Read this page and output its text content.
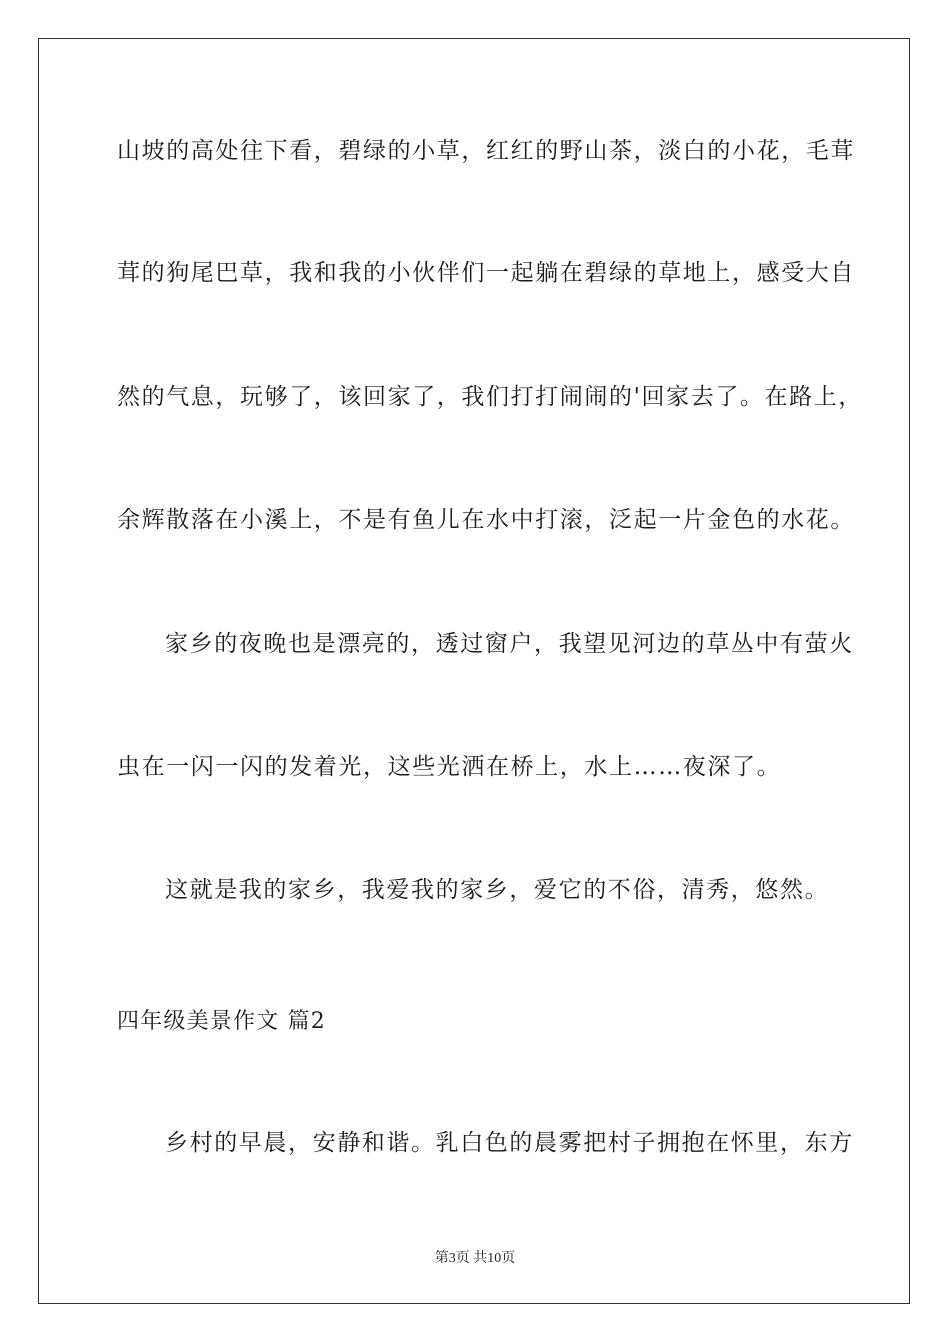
山坡的高处往下看，碧绿的小草，红红的野山茶，淡白的小花，毛茸
茸的狗尾巴草，我和我的小伙伴们一起躺在碧绿的草地上，感受大自
然的气息，玩够了，该回家了，我们打打闹闹的'回家去了。在路上，
余辉散落在小溪上，不是有鱼儿在水中打滚，泛起一片金色的水花。
家乡的夜晚也是漂亮的，透过窗户，我望见河边的草丛中有萤火
虫在一闪一闪的发着光，这些光洒在桥上，水上……夜深了。
这就是我的家乡，我爱我的家乡，爱它的不俗，清秀，悠然。
四年级美景作文 篇2
乡村的早晨，安静和谐。乳白色的晨雾把村子拥抱在怀里，东方
第3页 共10页
